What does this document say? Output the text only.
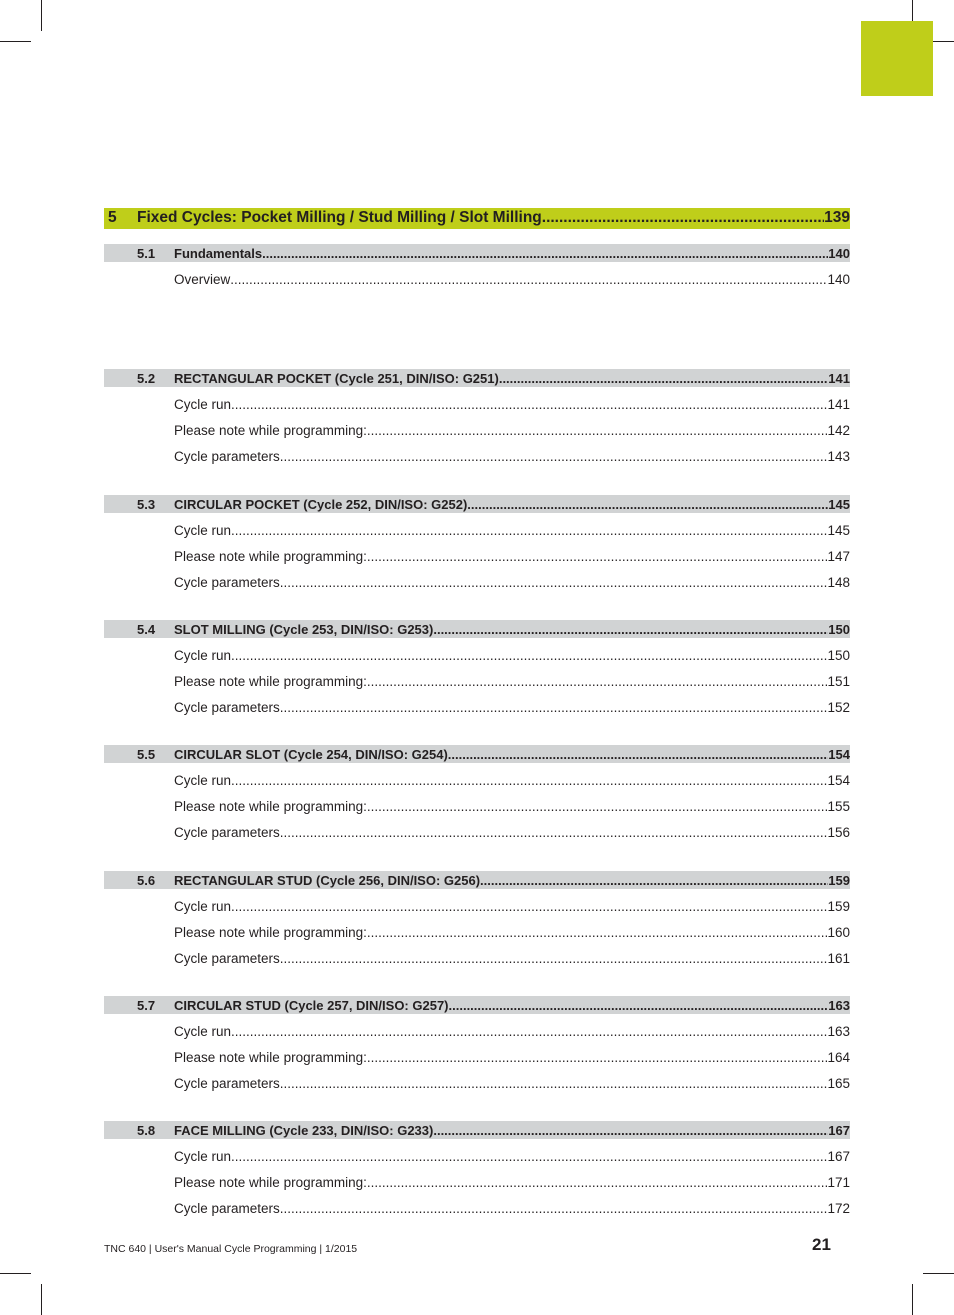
5 Fixed Cycles: Pocket Milling / Stud Milling / Slot Milling .....	139
5.1 Fundamentals .....	140
Overview .....	140
5.2 RECTANGULAR POCKET (Cycle 251, DIN/ISO: G251) .....	141
Cycle run .....	141
Please note while programming: .....	142
Cycle parameters .....	143
5.3 CIRCULAR POCKET (Cycle 252, DIN/ISO: G252) .....	145
Cycle run .....	145
Please note while programming: .....	147
Cycle parameters .....	148
5.4 SLOT MILLING (Cycle 253, DIN/ISO: G253) .....	150
Cycle run .....	150
Please note while programming: .....	151
Cycle parameters .....	152
5.5 CIRCULAR SLOT (Cycle 254, DIN/ISO: G254) .....	154
Cycle run .....	154
Please note while programming: .....	155
Cycle parameters .....	156
5.6 RECTANGULAR STUD (Cycle 256, DIN/ISO: G256) .....	159
Cycle run .....	159
Please note while programming: .....	160
Cycle parameters .....	161
5.7 CIRCULAR STUD (Cycle 257, DIN/ISO: G257) .....	163
Cycle run .....	163
Please note while programming: .....	164
Cycle parameters .....	165
5.8 FACE MILLING (Cycle 233, DIN/ISO: G233) .....	167
Cycle run .....	167
Please note while programming: .....	171
Cycle parameters .....	172
TNC 640 | User's Manual Cycle Programming | 1/2015	21
